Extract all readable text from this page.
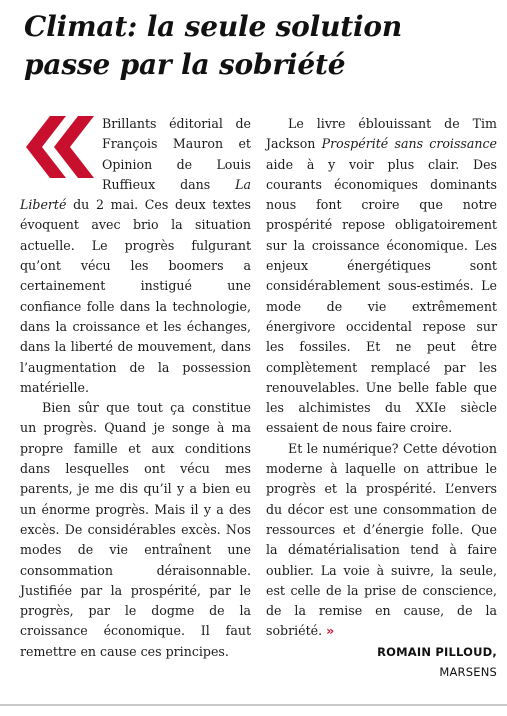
Climat: la seule solution passe par la sobriété

Brillants éditorial de François Mauron et Opinion de Louis Ruffieux dans La Liberté du 2 mai. Ces deux textes évoquent avec brio la situation actuelle. Le progrès fulgurant qu’ont vécu les boomers a certainement instigué une confiance folle dans la technologie, dans la croissance et les échanges, dans la liberté de mouvement, dans l’augmentation de la possession matérielle.

Bien sûr que tout ça constitue un progrès. Quand je songe à ma propre famille et aux conditions dans lesquelles ont vécu mes parents, je me dis qu’il y a bien eu un énorme progrès. Mais il y a des excès. De considérables excès. Nos modes de vie entraînent une consommation déraisonnable. Justifiée par la prospérité, par le progrès, par le dogme de la croissance économique. Il faut remettre en cause ces principes.

Le livre éblouissant de Tim Jackson Prospérité sans croissance aide à y voir plus clair. Des courants économiques dominants nous font croire que notre prospérité repose obligatoirement sur la croissance économique. Les enjeux énergétiques sont considérablement sous-estimés. Le mode de vie extrêmement énergivore occidental repose sur les fossiles. Et ne peut être complètement remplacé par les renouvelables. Une belle fable que les alchimistes du XXIe siècle essaient de nous faire croire.

Et le numérique? Cette dévotion moderne à laquelle on attribue le progrès et la prospérité. L’envers du décor est une consommation de ressources et d’énergie folle. Que la dématérialisation tend à faire oublier. La voie à suivre, la seule, est celle de la prise de conscience, de la remise en cause, de la sobriété. »

ROMAIN PILLOUD,
MARSENS
